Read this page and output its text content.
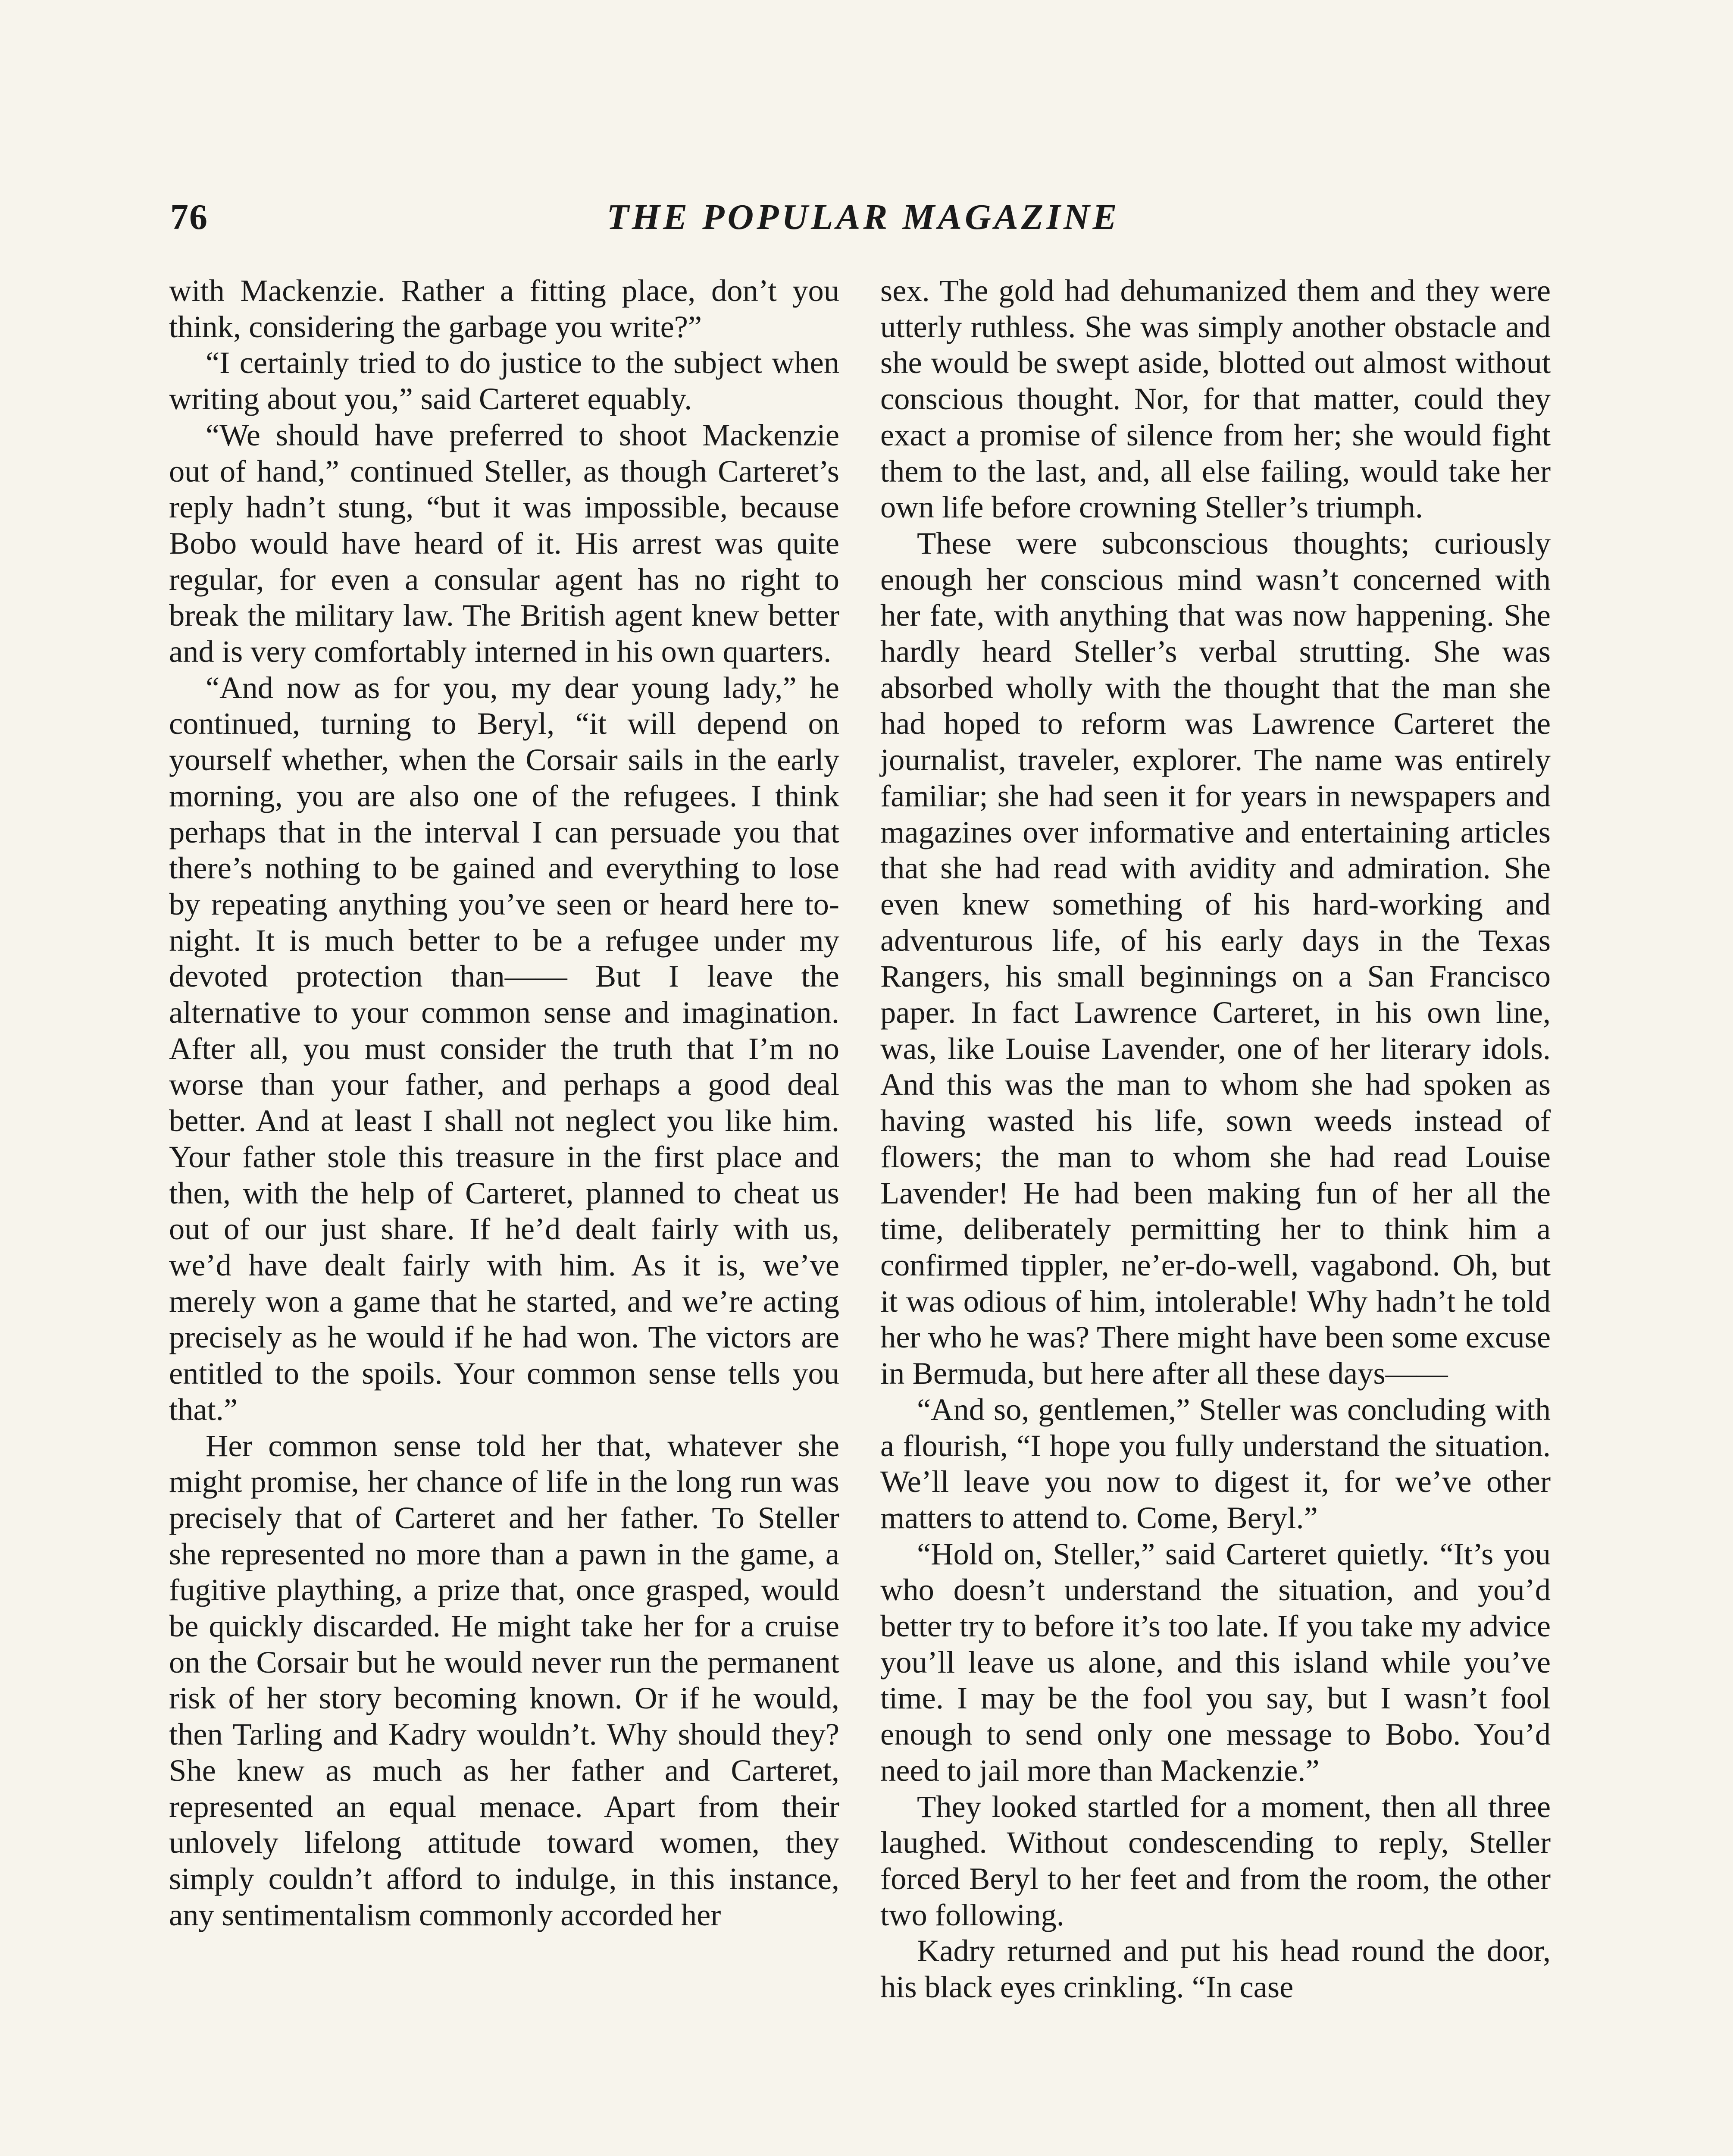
76	THE POPULAR MAGAZINE

with Mackenzie. Rather a fitting place, don’t you think, considering the garbage you write?”

“I certainly tried to do justice to the subject when writing about you,” said Carteret equably.

“We should have preferred to shoot Mackenzie out of hand,” continued Steller, as though Carteret’s reply hadn’t stung, “but it was impossible, because Bobo would have heard of it. His arrest was quite regular, for even a consular agent has no right to break the military law. The British agent knew better and is very comfortably interned in his own quarters.

“And now as for you, my dear young lady,” he continued, turning to Beryl, “it will depend on yourself whether, when the Corsair sails in the early morning, you are also one of the refugees. I think perhaps that in the interval I can persuade you that there’s nothing to be gained and everything to lose by repeating anything you’ve seen or heard here to-night. It is much better to be a refugee under my devoted protection than—— But I leave the alternative to your common sense and imagination. After all, you must consider the truth that I’m no worse than your father, and perhaps a good deal better. And at least I shall not neglect you like him. Your father stole this treasure in the first place and then, with the help of Carteret, planned to cheat us out of our just share. If he’d dealt fairly with us, we’d have dealt fairly with him. As it is, we’ve merely won a game that he started, and we’re acting precisely as he would if he had won. The victors are entitled to the spoils. Your common sense tells you that.”

Her common sense told her that, whatever she might promise, her chance of life in the long run was precisely that of Carteret and her father. To Steller she represented no more than a pawn in the game, a fugitive plaything, a prize that, once grasped, would be quickly discarded. He might take her for a cruise on the Corsair but he would never run the permanent risk of her story becoming known. Or if he would, then Tarling and Kadry wouldn’t. Why should they? She knew as much as her father and Carteret, represented an equal menace. Apart from their unlovely lifelong attitude toward women, they simply couldn’t afford to indulge, in this instance, any sentimentalism commonly accorded her

sex. The gold had dehumanized them and they were utterly ruthless. She was simply another obstacle and she would be swept aside, blotted out almost without conscious thought. Nor, for that matter, could they exact a promise of silence from her; she would fight them to the last, and, all else failing, would take her own life before crowning Steller’s triumph.

These were subconscious thoughts; curiously enough her conscious mind wasn’t concerned with her fate, with anything that was now happening. She hardly heard Steller’s verbal strutting. She was absorbed wholly with the thought that the man she had hoped to reform was Lawrence Carteret the journalist, traveler, explorer. The name was entirely familiar; she had seen it for years in newspapers and magazines over informative and entertaining articles that she had read with avidity and admiration. She even knew something of his hard-working and adventurous life, of his early days in the Texas Rangers, his small beginnings on a San Francisco paper. In fact Lawrence Carteret, in his own line, was, like Louise Lavender, one of her literary idols. And this was the man to whom she had spoken as having wasted his life, sown weeds instead of flowers; the man to whom she had read Louise Lavender! He had been making fun of her all the time, deliberately permitting her to think him a confirmed tippler, ne’er-do-well, vagabond. Oh, but it was odious of him, intolerable! Why hadn’t he told her who he was? There might have been some excuse in Bermuda, but here after all these days——

“And so, gentlemen,” Steller was concluding with a flourish, “I hope you fully understand the situation. We’ll leave you now to digest it, for we’ve other matters to attend to. Come, Beryl.”

“Hold on, Steller,” said Carteret quietly. “It’s you who doesn’t understand the situation, and you’d better try to before it’s too late. If you take my advice you’ll leave us alone, and this island while you’ve time. I may be the fool you say, but I wasn’t fool enough to send only one message to Bobo. You’d need to jail more than Mackenzie.”

They looked startled for a moment, then all three laughed. Without condescending to reply, Steller forced Beryl to her feet and from the room, the other two following.

Kadry returned and put his head round the door, his black eyes crinkling. “In case
